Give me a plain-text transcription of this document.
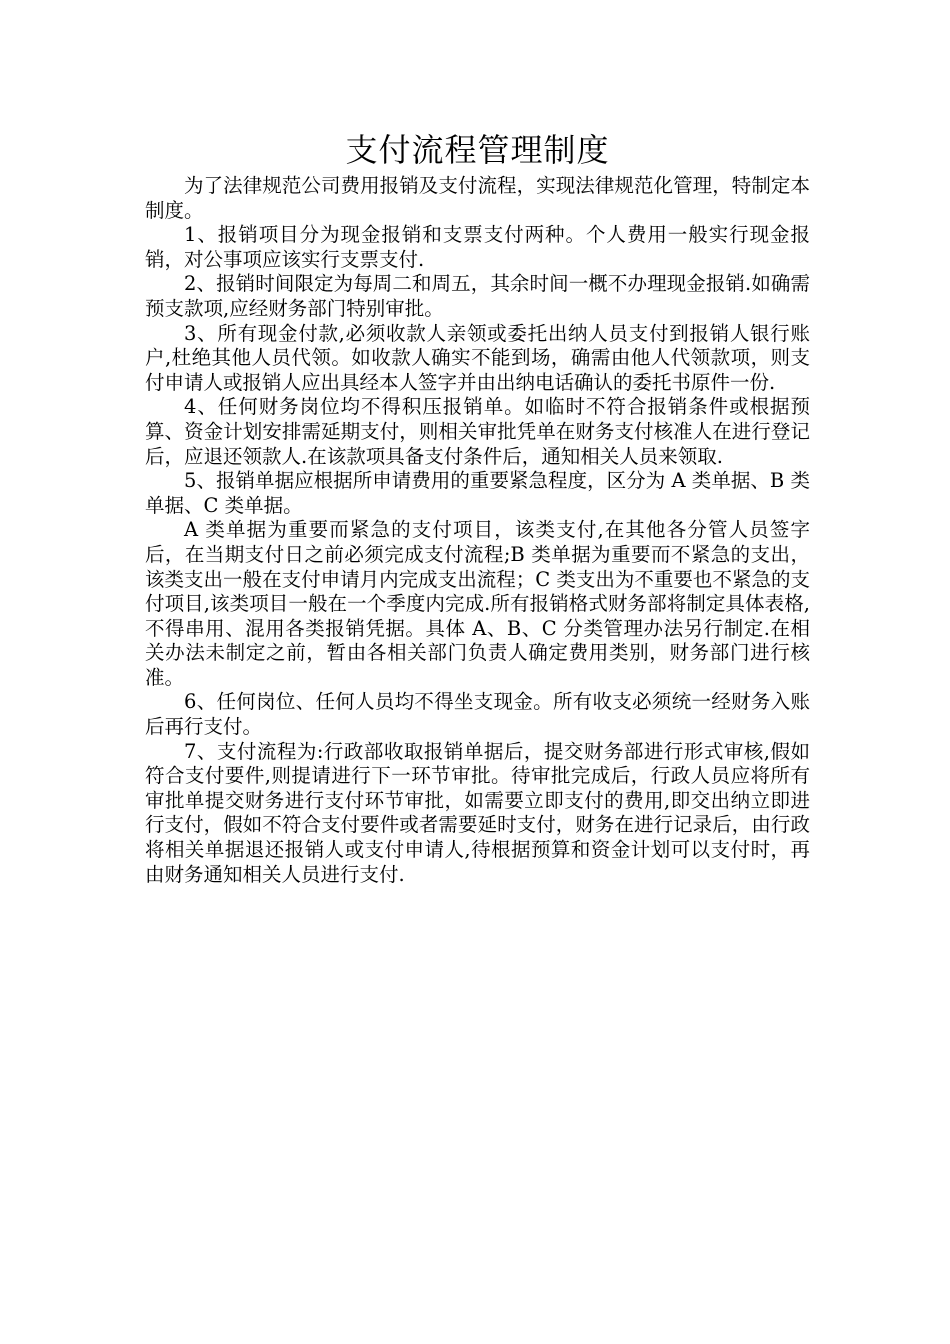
支付流程管理制度

为了法律规范公司费用报销及支付流程，实现法律规范化管理，特制定本制度。

1、报销项目分为现金报销和支票支付两种。个人费用一般实行现金报销，对公事项应该实行支票支付.

2、报销时间限定为每周二和周五，其余时间一概不办理现金报销.如确需预支款项,应经财务部门特别审批。

3、所有现金付款,必须收款人亲领或委托出纳人员支付到报销人银行账户,杜绝其他人员代领。如收款人确实不能到场，确需由他人代领款项，则支付申请人或报销人应出具经本人签字并由出纳电话确认的委托书原件一份.

4、任何财务岗位均不得积压报销单。如临时不符合报销条件或根据预算、资金计划安排需延期支付，则相关审批凭单在财务支付核准人在进行登记后，应退还领款人.在该款项具备支付条件后，通知相关人员来领取.

5、报销单据应根据所申请费用的重要紧急程度，区分为 A 类单据、B 类单据、C 类单据。

A 类单据为重要而紧急的支付项目，该类支付,在其他各分管人员签字后，在当期支付日之前必须完成支付流程;B 类单据为重要而不紧急的支出，该类支出一般在支付申请月内完成支出流程；C 类支出为不重要也不紧急的支付项目,该类项目一般在一个季度内完成.所有报销格式财务部将制定具体表格,不得串用、混用各类报销凭据。具体 A、B、C 分类管理办法另行制定.在相关办法未制定之前，暂由各相关部门负责人确定费用类别，财务部门进行核准。

6、任何岗位、任何人员均不得坐支现金。所有收支必须统一经财务入账后再行支付。

7、支付流程为:行政部收取报销单据后，提交财务部进行形式审核,假如符合支付要件,则提请进行下一环节审批。待审批完成后，行政人员应将所有审批单提交财务进行支付环节审批，如需要立即支付的费用,即交出纳立即进行支付，假如不符合支付要件或者需要延时支付，财务在进行记录后，由行政将相关单据退还报销人或支付申请人,待根据预算和资金计划可以支付时，再由财务通知相关人员进行支付.
